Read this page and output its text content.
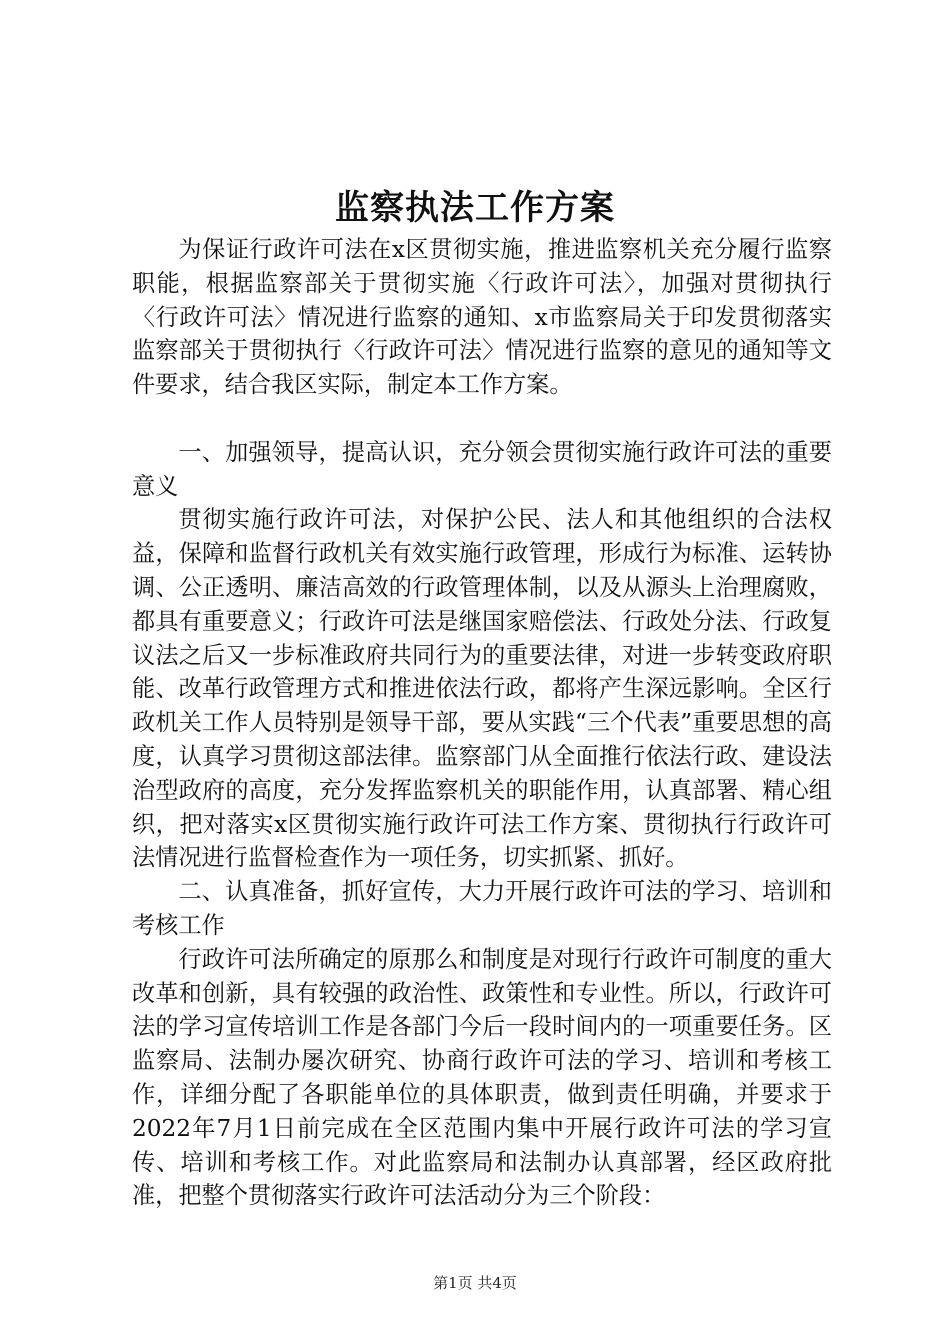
监察执法工作方案

为保证行政许可法在x区贯彻实施，推进监察机关充分履行监察职能，根据监察部关于贯彻实施〈行政许可法〉，加强对贯彻执行〈行政许可法〉情况进行监察的通知、x市监察局关于印发贯彻落实监察部关于贯彻执行〈行政许可法〉情况进行监察的意见的通知等文件要求，结合我区实际，制定本工作方案。

一、加强领导，提高认识，充分领会贯彻实施行政许可法的重要意义

贯彻实施行政许可法，对保护公民、法人和其他组织的合法权益，保障和监督行政机关有效实施行政管理，形成行为标准、运转协调、公正透明、廉洁高效的行政管理体制，以及从源头上治理腐败，都具有重要意义；行政许可法是继国家赔偿法、行政处分法、行政复议法之后又一步标准政府共同行为的重要法律，对进一步转变政府职能、改革行政管理方式和推进依法行政，都将产生深远影响。全区行政机关工作人员特别是领导干部，要从实践“三个代表”重要思想的高度，认真学习贯彻这部法律。监察部门从全面推行依法行政、建设法治型政府的高度，充分发挥监察机关的职能作用，认真部署、精心组织，把对落实x区贯彻实施行政许可法工作方案、贯彻执行行政许可法情况进行监督检查作为一项任务，切实抓紧、抓好。

二、认真准备，抓好宣传，大力开展行政许可法的学习、培训和考核工作

行政许可法所确定的原那么和制度是对现行行政许可制度的重大改革和创新，具有较强的政治性、政策性和专业性。所以，行政许可法的学习宣传培训工作是各部门今后一段时间内的一项重要任务。区监察局、法制办屡次研究、协商行政许可法的学习、培训和考核工作，详细分配了各职能单位的具体职责，做到责任明确，并要求于2022年7月1日前完成在全区范围内集中开展行政许可法的学习宣传、培训和考核工作。对此监察局和法制办认真部署，经区政府批准，把整个贯彻落实行政许可法活动分为三个阶段：

第1页 共4页
